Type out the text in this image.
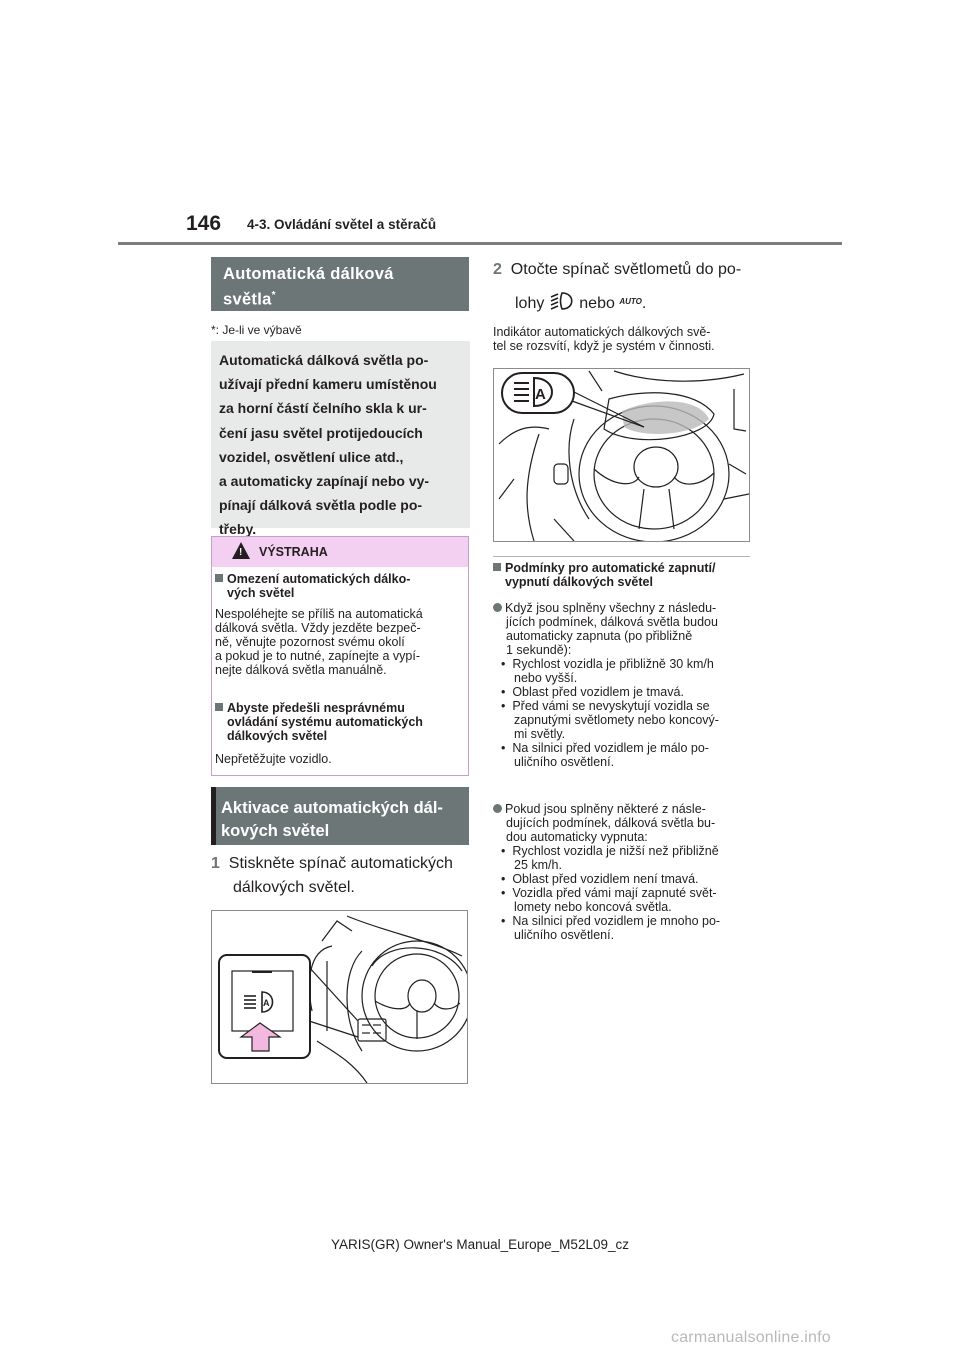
146 4-3. Ovládání světel a stěračů
Automatická dálková
světla*
*: Je-li ve výbavě
Automatická dálková světla po-
užívají přední kameru umístěnou
za horní částí čelního skla k ur-
čení jasu světel protijedoucích
vozidel, osvětlení ulice atd.,
a automaticky zapínají nebo vy-
pínají dálková světla podle po-
třeby.
! VÝSTRAHA
Omezení automatických dálko-
vých světel
Nespoléhejte se příliš na automatická
dálková světla. Vždy jezděte bezpeč-
ně, věnujte pozornost svému okolí
a pokud je to nutné, zapínejte a vypí-
nejte dálková světla manuálně.
Abyste předešli nesprávnému
ovládání systému automatických
dálkových světel
Nepřetěžujte vozidlo.
Aktivace automatických dál-
kových světel
1 Stiskněte spínač automatických
dálkových světel.
A
2 Otočte spínač světlometů do po-
lohy nebo $^{AUTO}$.
Indikátor automatických dálkových svě-
tel se rozsvítí, když je systém v činnosti.
A
Podmínky pro automatické zapnutí/
vypnutí dálkových světel
Když jsou splněny všechny z následu-
jících podmínek, dálková světla budou
automaticky zapnuta (po přibližně
1 sekundě):
•  Rychlost vozidla je přibližně 30 km/h
nebo vyšší.
•  Oblast před vozidlem je tmavá.
•  Před vámi se nevyskytují vozidla se
zapnutými světlomety nebo koncový-
mi světly.
•  Na silnici před vozidlem je málo po-
uličního osvětlení.
Pokud jsou splněny některé z násle-
dujících podmínek, dálková světla bu-
dou automaticky vypnuta:
•  Rychlost vozidla je nižší než přibližně
25 km/h.
•  Oblast před vozidlem není tmavá.
•  Vozidla před vámi mají zapnuté svět-
lomety nebo koncová světla.
•  Na silnici před vozidlem je mnoho po-
uličního osvětlení.
YARIS(GR) Owner's Manual_Europe_M52L09_cz
carmanualsonline.info
